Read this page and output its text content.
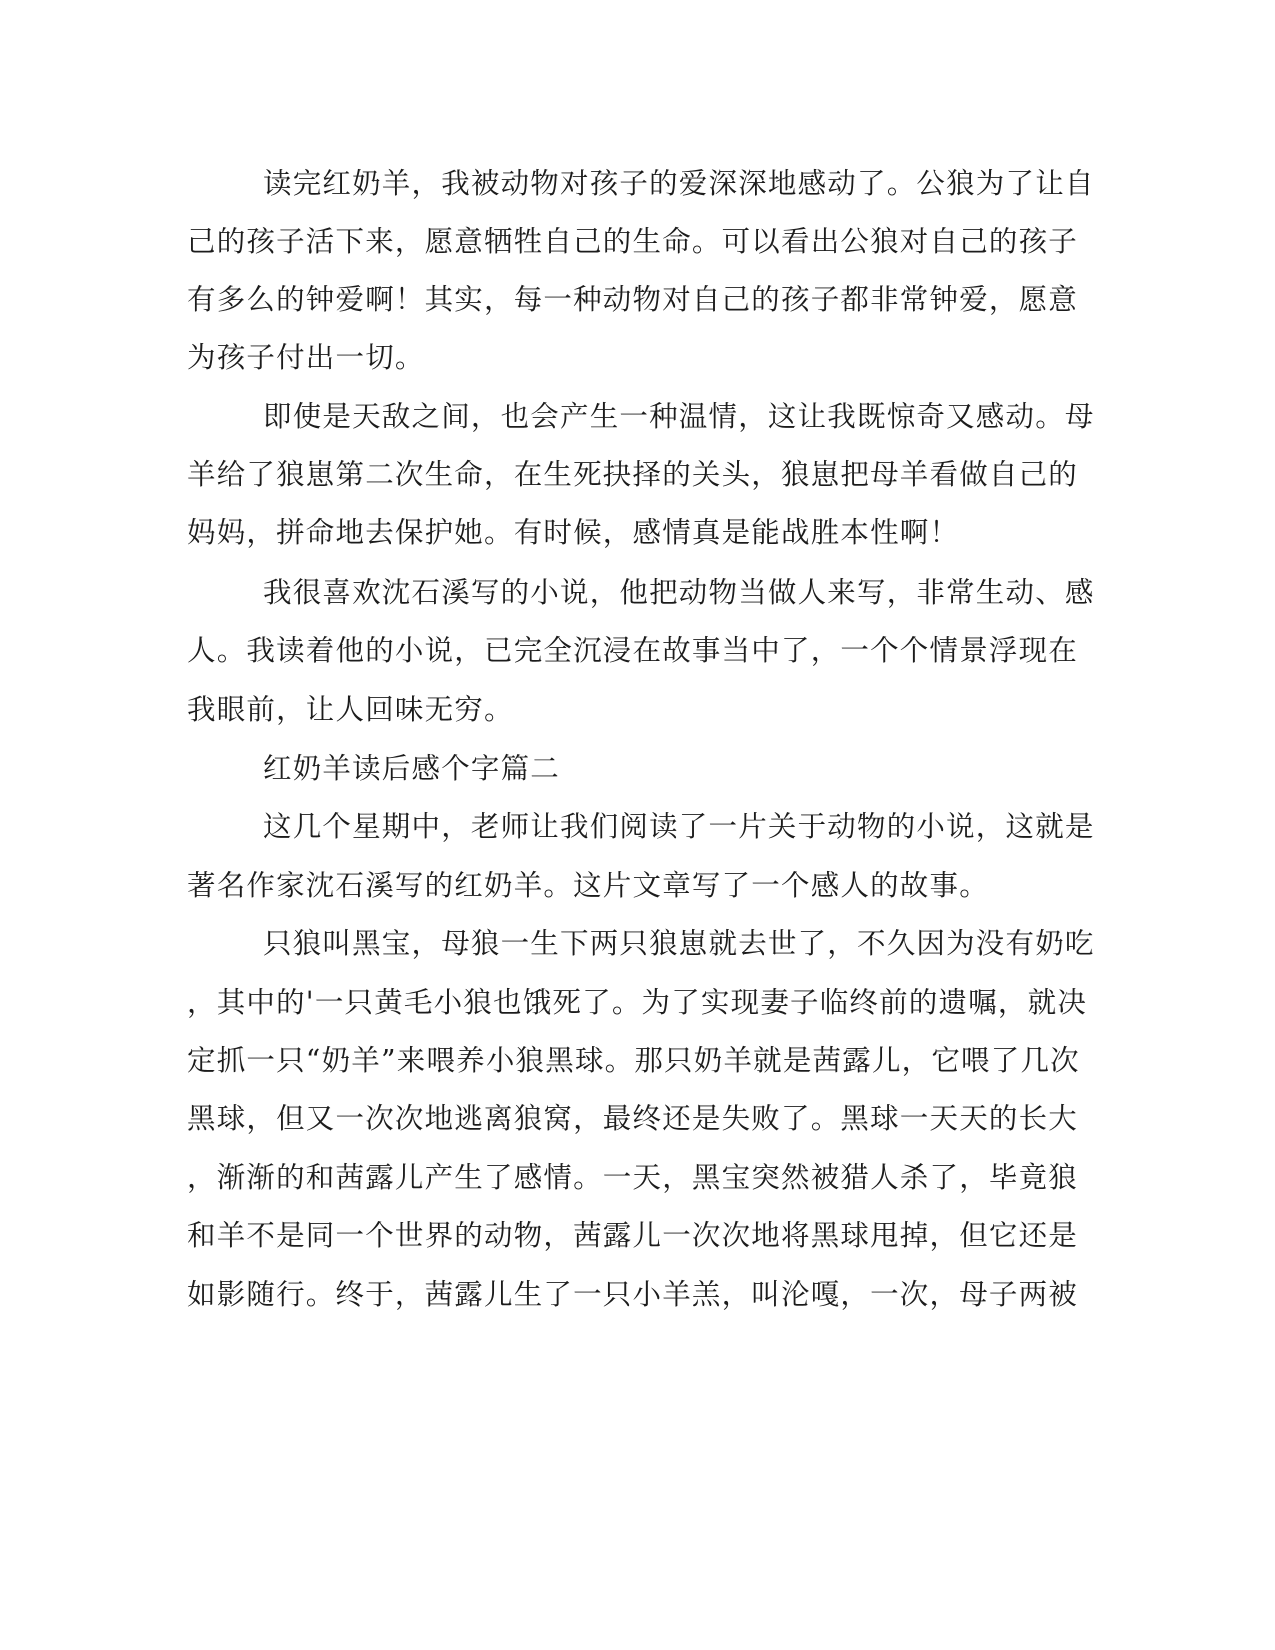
读完红奶羊，我被动物对孩子的爱深深地感动了。公狼为了让自
己的孩子活下来，愿意牺牲自己的生命。可以看出公狼对自己的孩子
有多么的钟爱啊！其实，每一种动物对自己的孩子都非常钟爱，愿意
为孩子付出一切。
即使是天敌之间，也会产生一种温情，这让我既惊奇又感动。母
羊给了狼崽第二次生命，在生死抉择的关头，狼崽把母羊看做自己的
妈妈，拼命地去保护她。有时候，感情真是能战胜本性啊！
我很喜欢沈石溪写的小说，他把动物当做人来写，非常生动、感
人。我读着他的小说，已完全沉浸在故事当中了，一个个情景浮现在
我眼前，让人回味无穷。
红奶羊读后感个字篇二
这几个星期中，老师让我们阅读了一片关于动物的小说，这就是
著名作家沈石溪写的红奶羊。这片文章写了一个感人的故事。
只狼叫黑宝，母狼一生下两只狼崽就去世了，不久因为没有奶吃
，其中的'一只黄毛小狼也饿死了。为了实现妻子临终前的遗嘱，就决
定抓一只“奶羊”来喂养小狼黑球。那只奶羊就是茜露儿，它喂了几次
黑球，但又一次次地逃离狼窝，最终还是失败了。黑球一天天的长大
，渐渐的和茜露儿产生了感情。一天，黑宝突然被猎人杀了，毕竟狼
和羊不是同一个世界的动物，茜露儿一次次地将黑球甩掉，但它还是
如影随行。终于，茜露儿生了一只小羊羔，叫沦嘎，一次，母子两被
